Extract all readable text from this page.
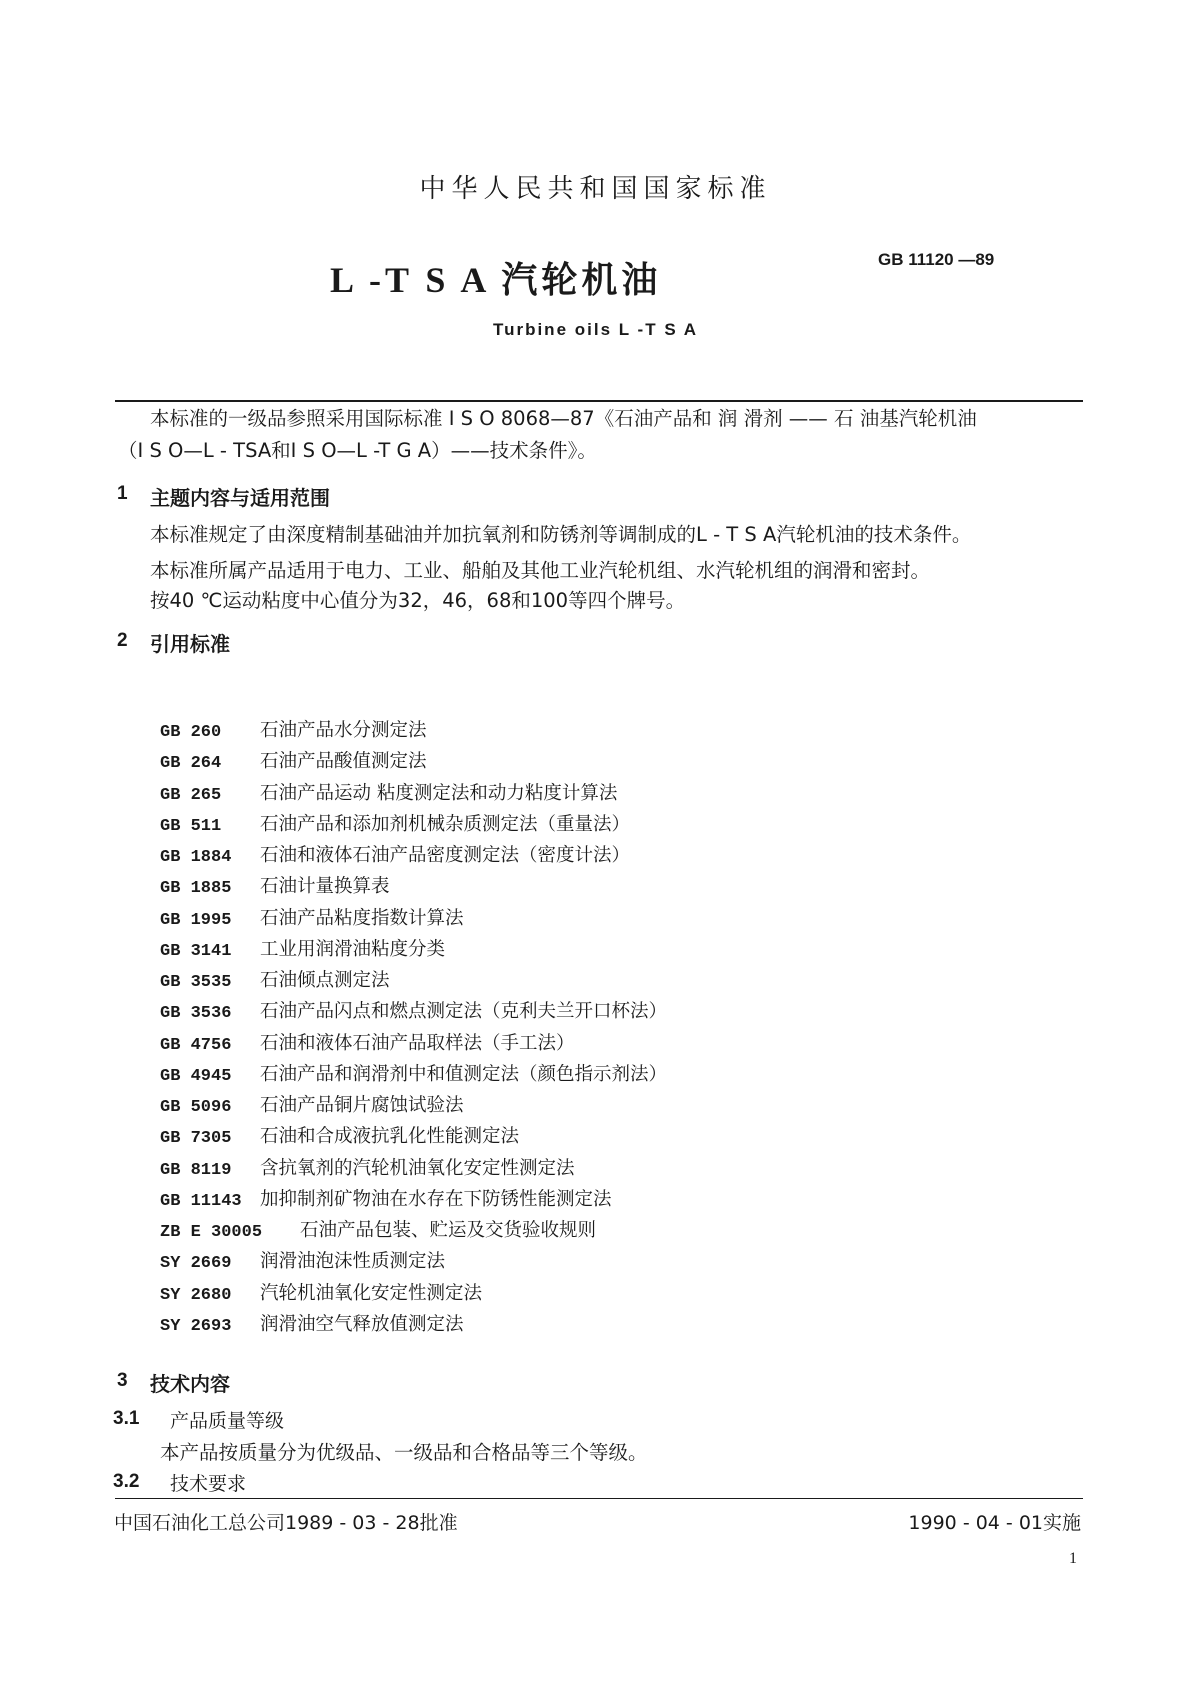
中华人民共和国国家标准
L -T S A 汽轮机油
GB 11120 —89
Turbine oils L -T S A
本标准的一级品参照采用国际标准 I S O 8068—87《石油产品和 润 滑剂 —— 石 油基汽轮机油
（I S O—L - TSA和I S O—L -T G A）——技术条件》。
1 主题内容与适用范围
本标准规定了由深度精制基础油并加抗氧剂和防锈剂等调制成的L - T S A汽轮机油的技术条件。
本标准所属产品适用于电力、工业、船舶及其他工业汽轮机组、水汽轮机组的润滑和密封。
按40 ℃运动粘度中心值分为32，46，68和100等四个牌号。
2 引用标准
GB 260 石油产品水分测定法
GB 264 石油产品酸值测定法
GB 265 石油产品运动 粘度测定法和动力粘度计算法
GB 511 石油产品和添加剂机械杂质测定法（重量法）
GB 1884 石油和液体石油产品密度测定法（密度计法）
GB 1885 石油计量换算表
GB 1995 石油产品粘度指数计算法
GB 3141 工业用润滑油粘度分类
GB 3535 石油倾点测定法
GB 3536 石油产品闪点和燃点测定法（克利夫兰开口杯法）
GB 4756 石油和液体石油产品取样法（手工法）
GB 4945 石油产品和润滑剂中和值测定法（颜色指示剂法）
GB 5096 石油产品铜片腐蚀试验法
GB 7305 石油和合成液抗乳化性能测定法
GB 8119 含抗氧剂的汽轮机油氧化安定性测定法
GB 11143 加抑制剂矿物油在水存在下防锈性能测定法
ZB E 30005 石油产品包装、贮运及交货验收规则
SY 2669 润滑油泡沫性质测定法
SY 2680 汽轮机油氧化安定性测定法
SY 2693 润滑油空气释放值测定法
3 技术内容
3.1 产品质量等级
本产品按质量分为优级品、一级品和合格品等三个等级。
3.2 技术要求
中国石油化工总公司1989 - 03 - 28批准	1990 - 04 - 01实施
1
